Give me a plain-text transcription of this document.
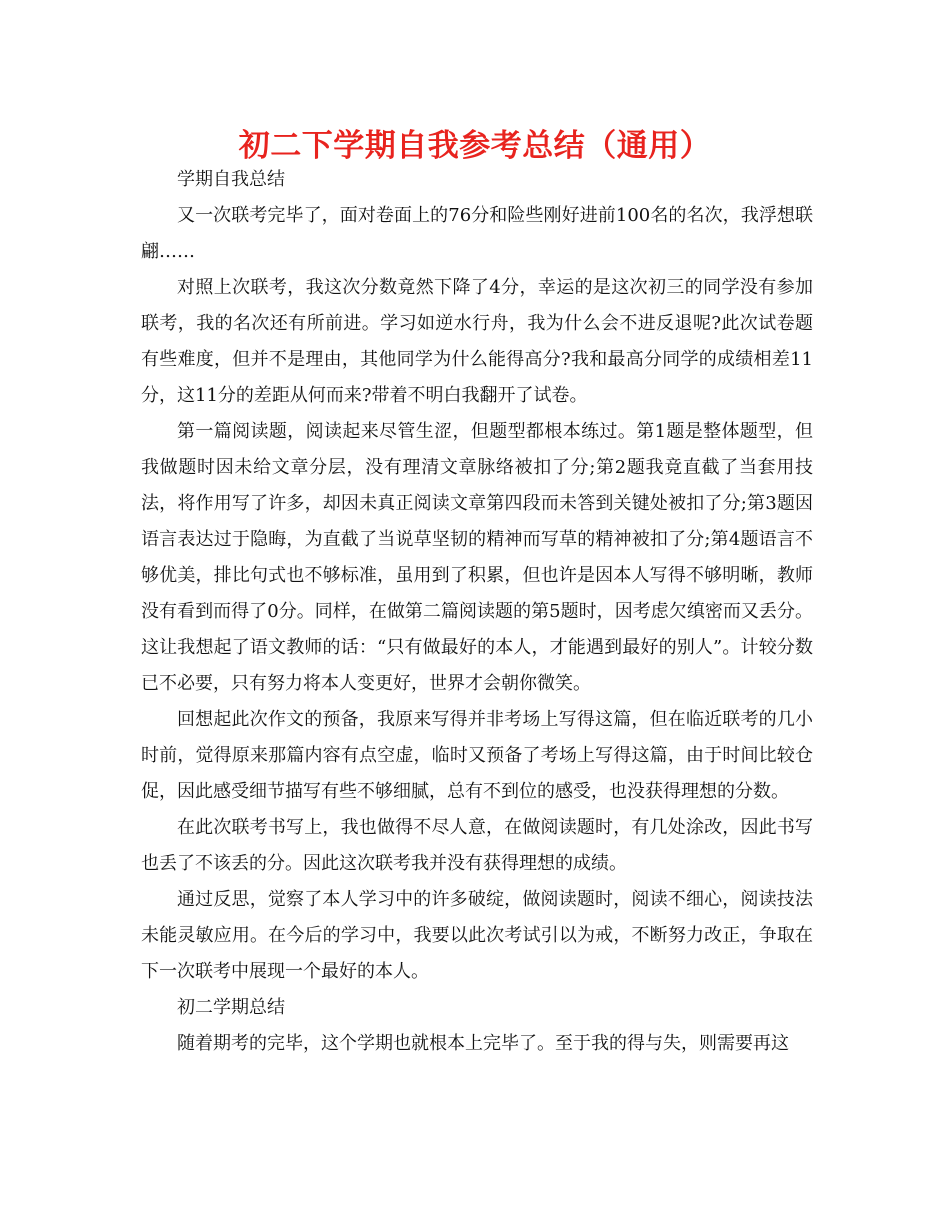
初二下学期自我参考总结（通用）

学期自我总结

又一次联考完毕了，面对卷面上的76分和险些刚好进前100名的名次，我浮想联翩……

对照上次联考，我这次分数竟然下降了4分，幸运的是这次初三的同学没有参加联考，我的名次还有所前进。学习如逆水行舟，我为什么会不进反退呢?此次试卷题有些难度，但并不是理由，其他同学为什么能得高分?我和最高分同学的成绩相差11分，这11分的差距从何而来?带着不明白我翻开了试卷。

第一篇阅读题，阅读起来尽管生涩，但题型都根本练过。第1题是整体题型，但我做题时因未给文章分层，没有理清文章脉络被扣了分;第2题我竟直截了当套用技法，将作用写了许多，却因未真正阅读文章第四段而未答到关键处被扣了分;第3题因语言表达过于隐晦，为直截了当说草坚韧的精神而写草的精神被扣了分;第4题语言不够优美，排比句式也不够标准，虽用到了积累，但也许是因本人写得不够明晰，教师没有看到而得了0分。同样，在做第二篇阅读题的第5题时，因考虑欠缜密而又丢分。这让我想起了语文教师的话：“只有做最好的本人，才能遇到最好的别人”。计较分数已不必要，只有努力将本人变更好，世界才会朝你微笑。

回想起此次作文的预备，我原来写得并非考场上写得这篇，但在临近联考的几小时前，觉得原来那篇内容有点空虚，临时又预备了考场上写得这篇，由于时间比较仓促，因此感受细节描写有些不够细腻，总有不到位的感受，也没获得理想的分数。

在此次联考书写上，我也做得不尽人意，在做阅读题时，有几处涂改，因此书写也丢了不该丢的分。因此这次联考我并没有获得理想的成绩。

通过反思，觉察了本人学习中的许多破绽，做阅读题时，阅读不细心，阅读技法未能灵敏应用。在今后的学习中，我要以此次考试引以为戒，不断努力改正，争取在下一次联考中展现一个最好的本人。

初二学期总结

随着期考的完毕，这个学期也就根本上完毕了。至于我的得与失，则需要再这
